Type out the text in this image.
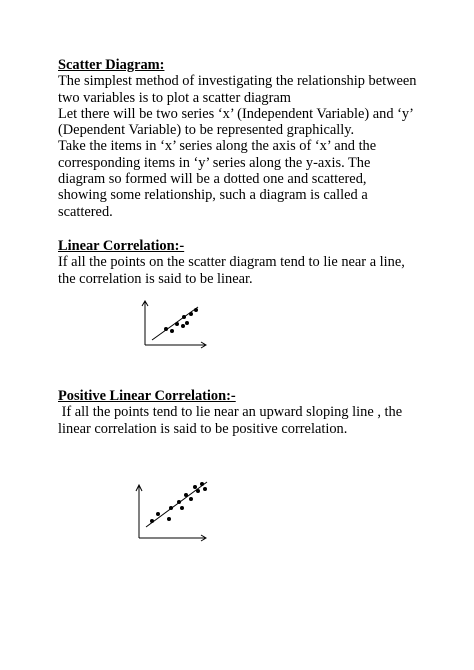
Scatter Diagram:
The simplest method of investigating the relationship between
two variables is to plot a scatter diagram
Let there will be two series ‘x’ (Independent Variable) and ‘y’
(Dependent Variable) to be represented graphically.
Take the items in ‘x’ series along the axis of ‘x’ and the
corresponding items in ‘y’ series along the y-axis. The
diagram so formed will be a dotted one and scattered,
showing some relationship, such a diagram is called a
scattered.
Linear Correlation:-
If all the points on the scatter diagram tend to lie near a line,
the correlation is said to be linear.
Positive Linear Correlation:-
If all the points tend to lie near an upward sloping line , the
linear correlation is said to be positive correlation.
